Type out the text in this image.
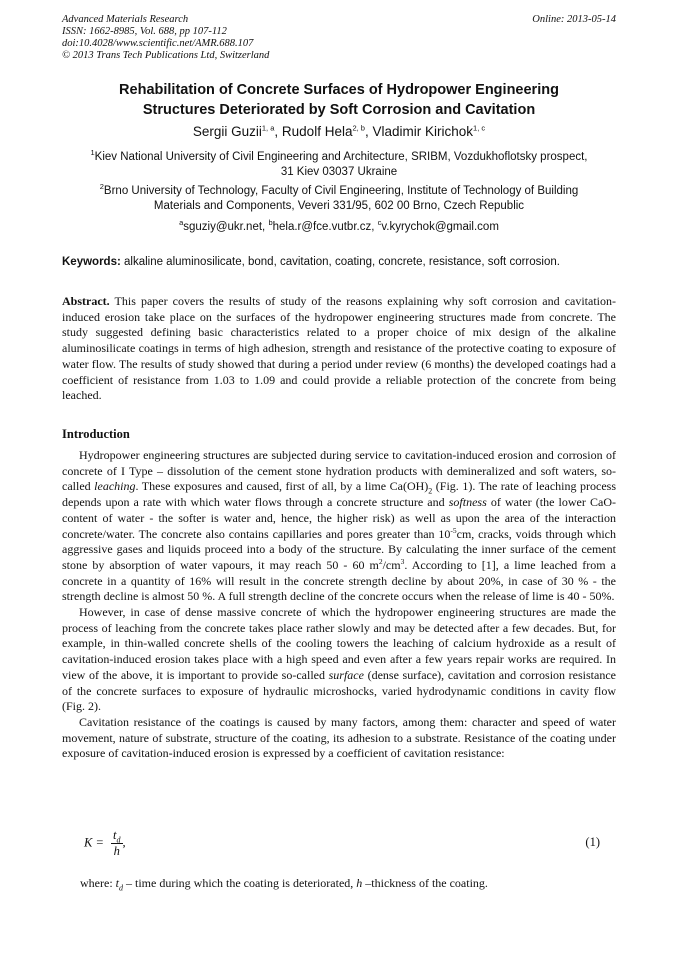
Advanced Materials Research
ISSN: 1662-8985, Vol. 688, pp 107-112
doi:10.4028/www.scientific.net/AMR.688.107
© 2013 Trans Tech Publications Ltd, Switzerland
Online: 2013-05-14
Rehabilitation of Concrete Surfaces of Hydropower Engineering
Structures Deteriorated by Soft Corrosion and Cavitation
Sergii Guzii$^{1, a}$, Rudolf Hela$^{2, b}$, Vladimir Kirichok$^{1, c}$
$^1$Kiev National University of Civil Engineering and Architecture, SRIBM, Vozdukhoflotsky prospect,
31 Kiev 03037 Ukraine
$^2$Brno University of Technology, Faculty of Civil Engineering, Institute of Technology of Building
Materials and Components, Veveri 331/95, 602 00 Brno, Czech Republic
$^a$sguziy@ukr.net, $^b$hela.r@fce.vutbr.cz, $^c$v.kyrychok@gmail.com
Keywords: alkaline aluminosilicate, bond, cavitation, coating, concrete, resistance, soft corrosion.
Abstract. This paper covers the results of study of the reasons explaining why soft corrosion and cavitation-induced erosion take place on the surfaces of the hydropower engineering structures made from concrete. The study suggested defining basic characteristics related to a proper choice of mix design of the alkaline aluminosilicate coatings in terms of high adhesion, strength and resistance of the protective coating to exposure of water flow. The results of study showed that during a period under review (6 months) the developed coatings had a coefficient of resistance from 1.03 to 1.09 and could provide a reliable protection of the concrete from being leached.
Introduction

Hydropower engineering structures are subjected during service to cavitation-induced erosion and corrosion of concrete of I Type – dissolution of the cement stone hydration products with demineralized and soft waters, so-called leaching. These exposures and caused, first of all, by a lime $Ca(OH)_2$ (Fig. 1). The rate of leaching process depends upon a rate with which water flows through a concrete structure and softness of water (the lower CaO-content of water - the softer is water and, hence, the higher risk) as well as upon the area of the interaction concrete/water. The concrete also contains capillaries and pores greater than $10^{-5}cm$, cracks, voids through which aggressive gases and liquids proceed into a body of the structure. By calculating the inner surface of the cement stone by absorption of water vapours, it may reach 50 - 60 $m^2/cm^3$. According to [1], a lime leached from a concrete in a quantity of 16% will result in the concrete strength decline by about 20%, in case of 30 % - the strength decline is almost 50 %. A full strength decline of the concrete occurs when the release of lime is 40 - 50%.

However, in case of dense massive concrete of which the hydropower engineering structures are made the process of leaching from the concrete takes place rather slowly and may be detected after a few decades. But, for example, in thin-walled concrete shells of the cooling towers the leaching of calcium hydroxide as a result of cavitation-induced erosion takes place with a high speed and even after a few years repair works are required. In view of the above, it is important to provide so-called surface (dense surface), cavitation and corrosion resistance of the concrete surfaces to exposure of hydraulic microshocks, varied hydrodynamic conditions in cavity flow (Fig. 2).

Cavitation resistance of the coatings is caused by many factors, among them: character and speed of water movement, nature of substrate, structure of the coating, its adhesion to a substrate. Resistance of the coating under exposure of cavitation-induced erosion is expressed by a coefficient of cavitation resistance:

$K = \frac{t_d}{h}$ ,	(1)
where: $t_d$ – time during which the coating is deteriorated, h –thickness of the coating.
